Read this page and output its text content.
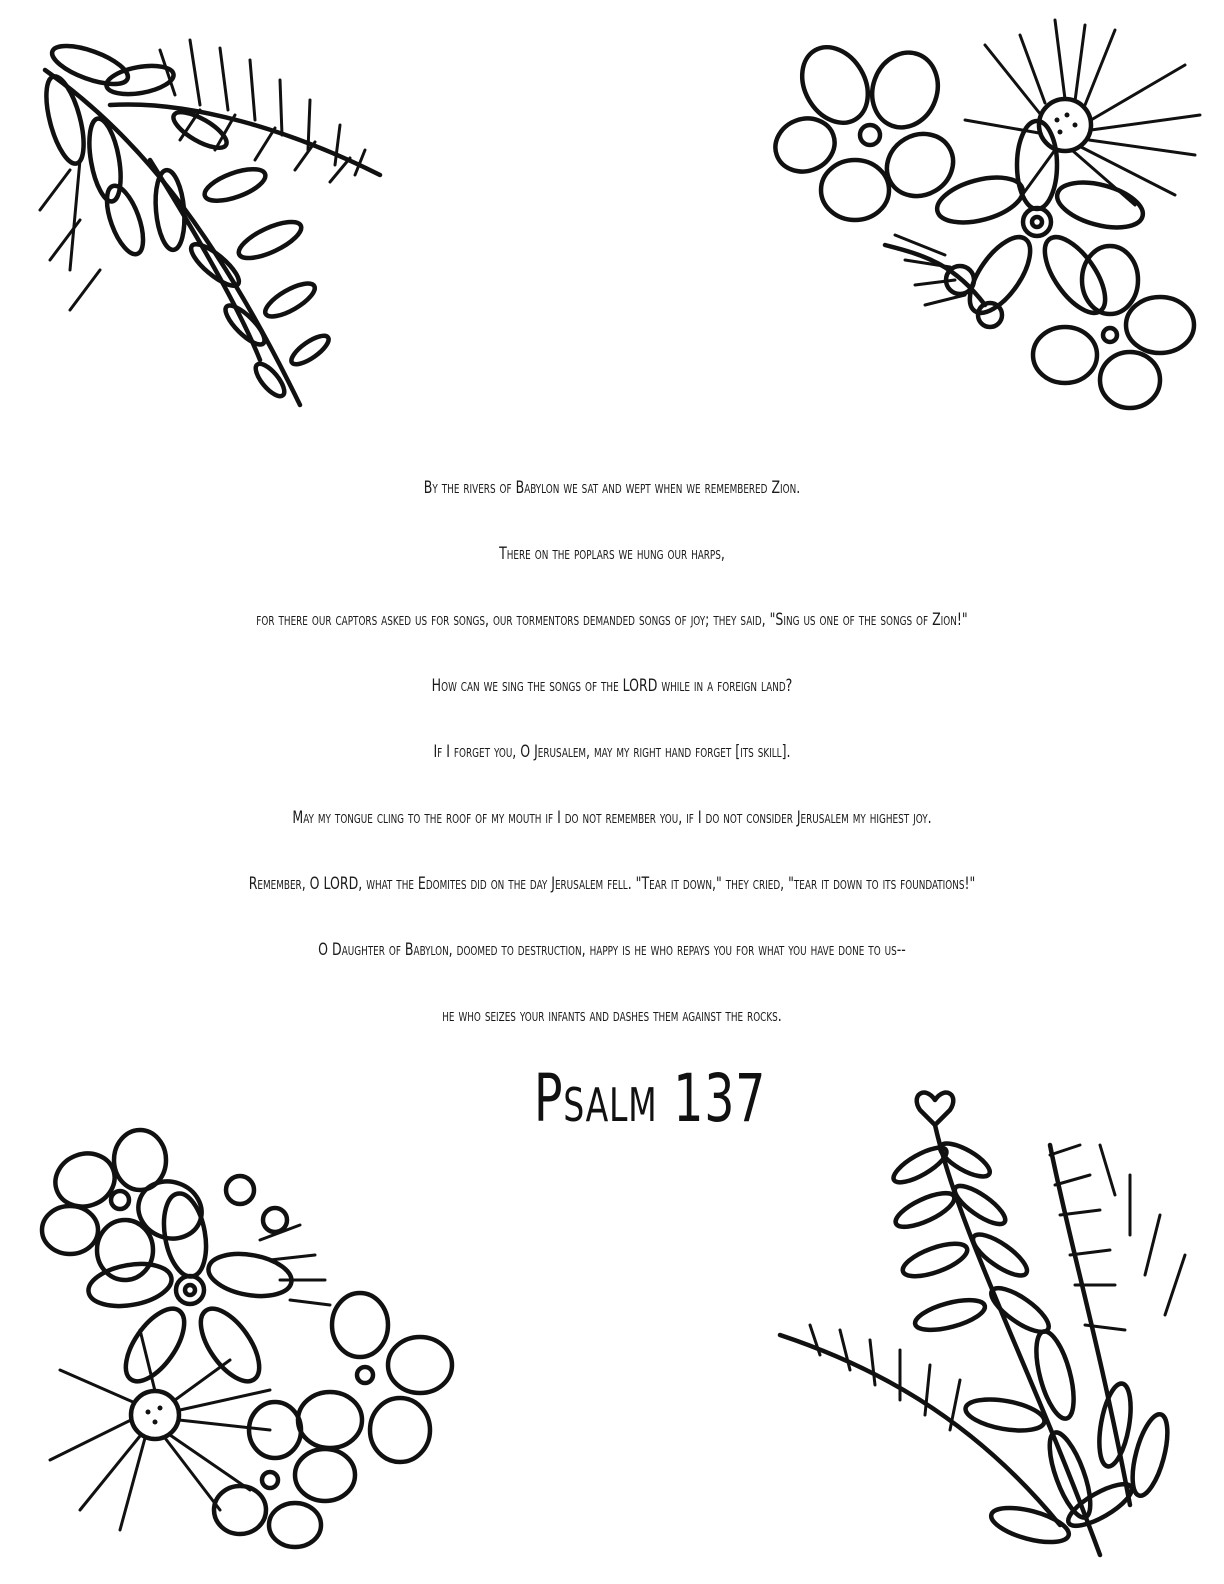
By the rivers of Babylon we sat and wept when we remembered Zion.
There on the poplars we hung our harps,
for there our captors asked us for songs, our tormentors demanded songs of joy; they said, "Sing us one of the songs of Zion!"
How can we sing the songs of the LORD while in a foreign land?
If I forget you, O Jerusalem, may my right hand forget [its skill].
May my tongue cling to the roof of my mouth if I do not remember you, if I do not consider Jerusalem my highest joy.
Remember, O LORD, what the Edomites did on the day Jerusalem fell. "Tear it down," they cried, "tear it down to its foundations!"
O Daughter of Babylon, doomed to destruction, happy is he who repays you for what you have done to us--
he who seizes your infants and dashes them against the rocks.
Psalm 137
